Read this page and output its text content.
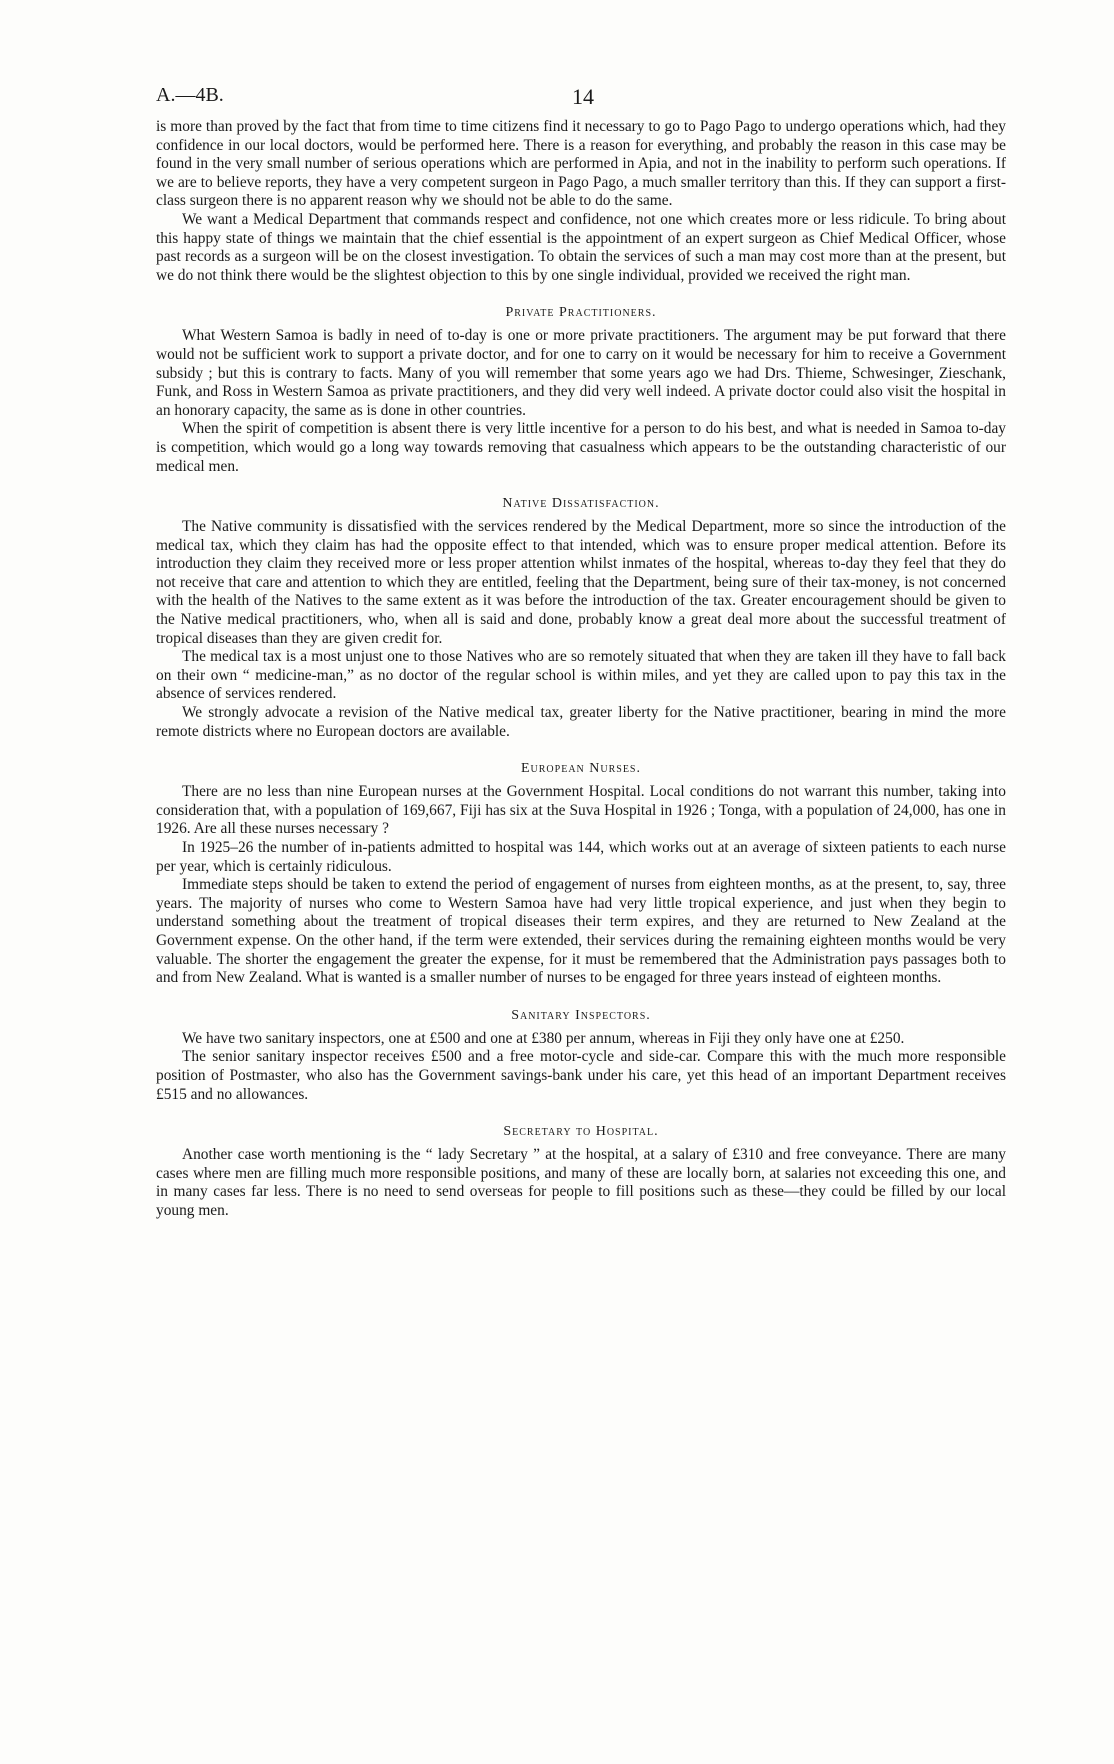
A.—4B.	14

is more than proved by the fact that from time to time citizens find it necessary to go to Pago Pago to undergo operations which, had they confidence in our local doctors, would be performed here. There is a reason for everything, and probably the reason in this case may be found in the very small number of serious operations which are performed in Apia, and not in the inability to perform such operations. If we are to believe reports, they have a very competent surgeon in Pago Pago, a much smaller territory than this. If they can support a first-class surgeon there is no apparent reason why we should not be able to do the same.

We want a Medical Department that commands respect and confidence, not one which creates more or less ridicule. To bring about this happy state of things we maintain that the chief essential is the appointment of an expert surgeon as Chief Medical Officer, whose past records as a surgeon will be on the closest investigation. To obtain the services of such a man may cost more than at the present, but we do not think there would be the slightest objection to this by one single individual, provided we received the right man.

Private Practitioners.

What Western Samoa is badly in need of to-day is one or more private practitioners. The argument may be put forward that there would not be sufficient work to support a private doctor, and for one to carry on it would be necessary for him to receive a Government subsidy ; but this is contrary to facts. Many of you will remember that some years ago we had Drs. Thieme, Schwesinger, Zieschank, Funk, and Ross in Western Samoa as private practitioners, and they did very well indeed. A private doctor could also visit the hospital in an honorary capacity, the same as is done in other countries.

When the spirit of competition is absent there is very little incentive for a person to do his best, and what is needed in Samoa to-day is competition, which would go a long way towards removing that casualness which appears to be the outstanding characteristic of our medical men.

Native Dissatisfaction.

The Native community is dissatisfied with the services rendered by the Medical Department, more so since the introduction of the medical tax, which they claim has had the opposite effect to that intended, which was to ensure proper medical attention. Before its introduction they claim they received more or less proper attention whilst inmates of the hospital, whereas to-day they feel that they do not receive that care and attention to which they are entitled, feeling that the Department, being sure of their tax-money, is not concerned with the health of the Natives to the same extent as it was before the introduction of the tax. Greater encouragement should be given to the Native medical practitioners, who, when all is said and done, probably know a great deal more about the successful treatment of tropical diseases than they are given credit for.

The medical tax is a most unjust one to those Natives who are so remotely situated that when they are taken ill they have to fall back on their own “ medicine-man,” as no doctor of the regular school is within miles, and yet they are called upon to pay this tax in the absence of services rendered.

We strongly advocate a revision of the Native medical tax, greater liberty for the Native practitioner, bearing in mind the more remote districts where no European doctors are available.

European Nurses.

There are no less than nine European nurses at the Government Hospital. Local conditions do not warrant this number, taking into consideration that, with a population of 169,667, Fiji has six at the Suva Hospital in 1926 ; Tonga, with a population of 24,000, has one in 1926. Are all these nurses necessary ?

In 1925–26 the number of in-patients admitted to hospital was 144, which works out at an average of sixteen patients to each nurse per year, which is certainly ridiculous.

Immediate steps should be taken to extend the period of engagement of nurses from eighteen months, as at the present, to, say, three years. The majority of nurses who come to Western Samoa have had very little tropical experience, and just when they begin to understand something about the treatment of tropical diseases their term expires, and they are returned to New Zealand at the Government expense. On the other hand, if the term were extended, their services during the remaining eighteen months would be very valuable. The shorter the engagement the greater the expense, for it must be remembered that the Administration pays passages both to and from New Zealand. What is wanted is a smaller number of nurses to be engaged for three years instead of eighteen months.

Sanitary Inspectors.

We have two sanitary inspectors, one at £500 and one at £380 per annum, whereas in Fiji they only have one at £250.

The senior sanitary inspector receives £500 and a free motor-cycle and side-car. Compare this with the much more responsible position of Postmaster, who also has the Government savings-bank under his care, yet this head of an important Department receives £515 and no allowances.

Secretary to Hospital.

Another case worth mentioning is the “ lady Secretary ” at the hospital, at a salary of £310 and free conveyance. There are many cases where men are filling much more responsible positions, and many of these are locally born, at salaries not exceeding this one, and in many cases far less. There is no need to send overseas for people to fill positions such as these—they could be filled by our local young men.
